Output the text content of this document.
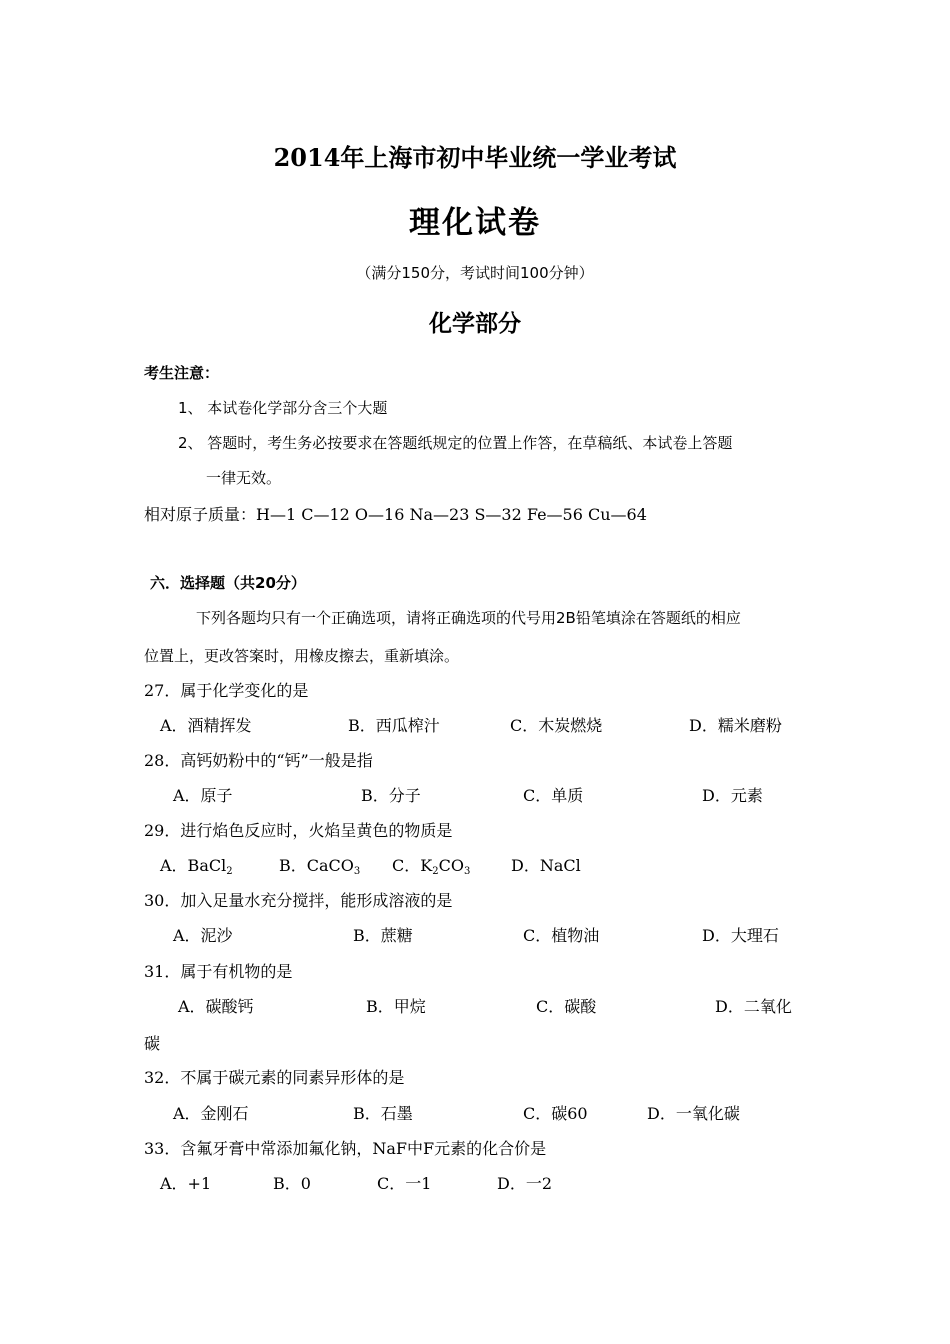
2014年上海市初中毕业统一学业考试
理化试卷
（满分150分，考试时间100分钟）
化学部分
考生注意：
1、 本试卷化学部分含三个大题
2、 答题时，考生务必按要求在答题纸规定的位置上作答，在草稿纸、本试卷上答题
一律无效。
相对原子质量：H—1 C—12 O—16 Na—23 S—32 Fe—56 Cu—64
六．选择题（共20分）
下列各题均只有一个正确选项，请将正确选项的代号用2B铅笔填涂在答题纸的相应
位置上，更改答案时，用橡皮擦去，重新填涂。
27．属于化学变化的是
A．酒精挥发	B．西瓜榨汁	C．木炭燃烧	D．糯米磨粉
28．高钙奶粉中的“钙”一般是指
A．原子	B．分子	C．单质	D．元素
29．进行焰色反应时，火焰呈黄色的物质是
A．BaCl$_2$	B．CaCO$_3$ C．$K_2CO_3$	D．NaCl
30．加入足量水充分搅拌，能形成溶液的是
A．泥沙	B．蔗糖	C．植物油	D．大理石
31．属于有机物的是
A．碳酸钙	B．甲烷	C．碳酸	D．二氧化
碳
32．不属于碳元素的同素异形体的是
A．金刚石	B．石墨	C．碳60	D．一氧化碳
33．含氟牙膏中常添加氟化钠，NaF中F元素的化合价是
A．+1	B．0	C．一1	D．一2
